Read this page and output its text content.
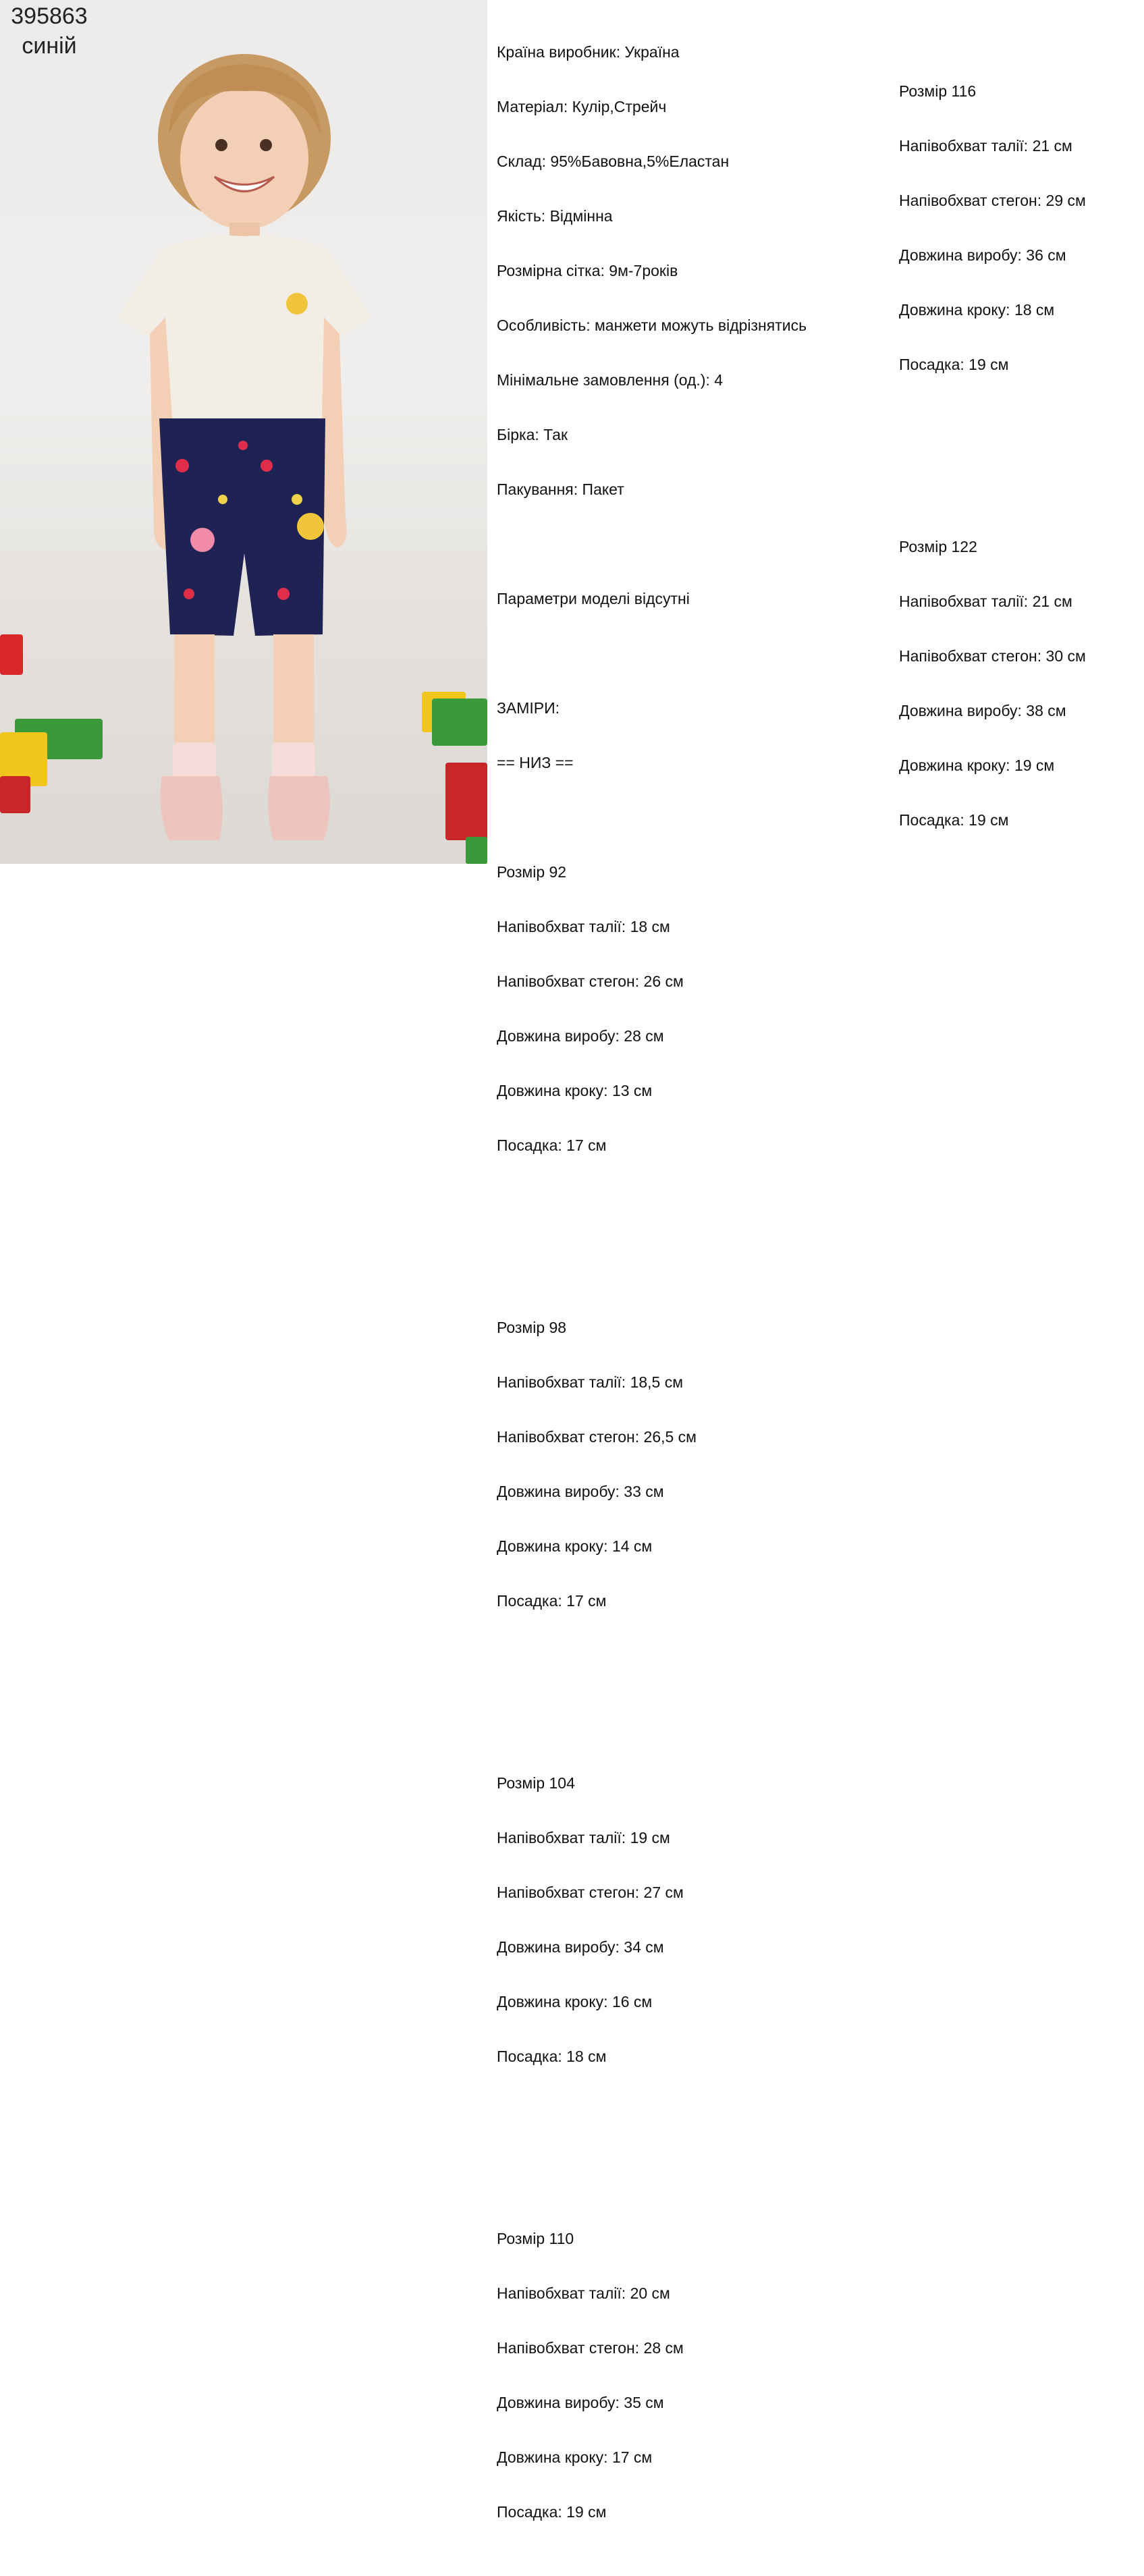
395863
синій

	Країна виробник: Україна

Матеріал: Кулір,Стрейч

Склад: 95%Бавовна,5%Еластан

Якість: Відмінна

Розмірна сітка: 9м-7років

Особливість: манжети можуть відрізнятись

Мінімальне замовлення (од.): 4

Бірка: Так

Пакування: Пакет

Параметри моделі відсутні

ЗАМІРИ:

== НИЗ ==

Розмір 92

Напівобхват талії: 18 см

Напівобхват стегон: 26 см

Довжина виробу: 28 см

Довжина кроку: 13 см

Посадка: 17 см

Розмір 98

Напівобхват талії: 18,5 см

Напівобхват стегон: 26,5 см

Довжина виробу: 33 см

Довжина кроку: 14 см

Посадка: 17 см

Розмір 104

Напівобхват талії: 19 см

Напівобхват стегон: 27 см

Довжина виробу: 34 см

Довжина кроку: 16 см

Посадка: 18 см

Розмір 110

Напівобхват талії: 20 см

Напівобхват стегон: 28 см

Довжина виробу: 35 см

Довжина кроку: 17 см

Посадка: 19 см

Розмір 116

Напівобхват талії: 21 см

Напівобхват стегон: 29 см

Довжина виробу: 36 см

Довжина кроку: 18 см

Посадка: 19 см

Розмір 122

Напівобхват талії: 21 см

Напівобхват стегон: 30 см

Довжина виробу: 38 см

Довжина кроку: 19 см

Посадка: 19 см
